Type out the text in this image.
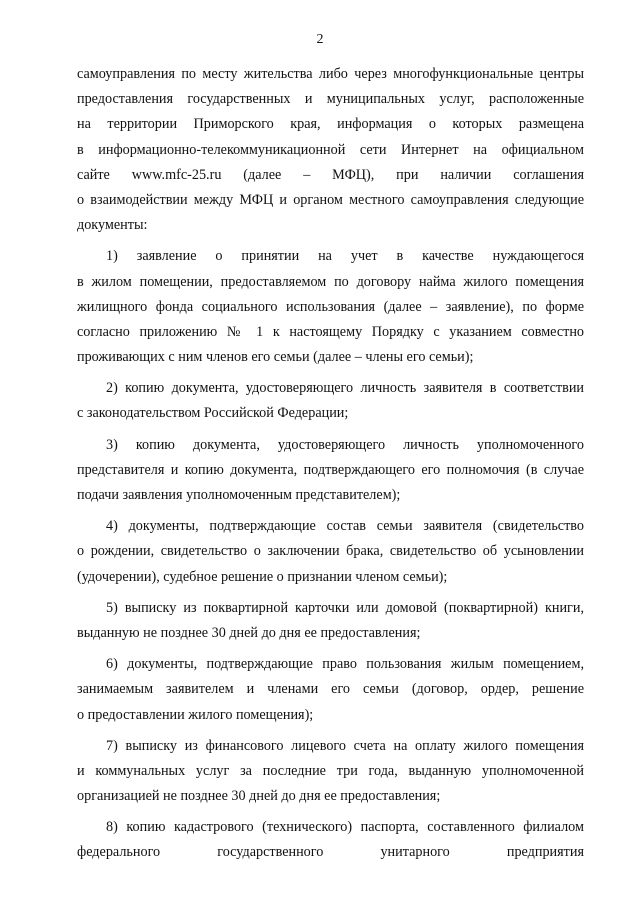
2
самоуправления по месту жительства либо через многофункциональные центры
предоставления государственных и муниципальных услуг, расположенные
на территории Приморского края, информация о которых размещена
в информационно-телекоммуникационной сети Интернет на официальном
сайте www.mfc-25.ru (далее – МФЦ), при наличии соглашения
о взаимодействии между МФЦ и органом местного самоуправления следующие
документы:
1) заявление о принятии на учет в качестве нуждающегося
в жилом помещении, предоставляемом по договору найма жилого помещения
жилищного фонда социального использования (далее – заявление), по форме
согласно приложению № 1 к настоящему Порядку с указанием совместно
проживающих с ним членов его семьи (далее – члены его семьи);
2) копию документа, удостоверяющего личность заявителя в соответствии
с законодательством Российской Федерации;
3) копию документа, удостоверяющего личность уполномоченного
представителя и копию документа, подтверждающего его полномочия (в случае
подачи заявления уполномоченным представителем);
4) документы, подтверждающие состав семьи заявителя (свидетельство
о рождении, свидетельство о заключении брака, свидетельство об усыновлении
(удочерении), судебное решение о признании членом семьи);
5) выписку из поквартирной карточки или домовой (поквартирной) книги,
выданную не позднее 30 дней до дня ее предоставления;
6) документы, подтверждающие право пользования жилым помещением,
занимаемым заявителем и членами его семьи (договор, ордер, решение
о предоставлении жилого помещения);
7) выписку из финансового лицевого счета на оплату жилого помещения
и коммунальных услуг за последние три года, выданную уполномоченной
организацией не позднее 30 дней до дня ее предоставления;
8) копию кадастрового (технического) паспорта, составленного филиалом
федерального государственного унитарного предприятия
